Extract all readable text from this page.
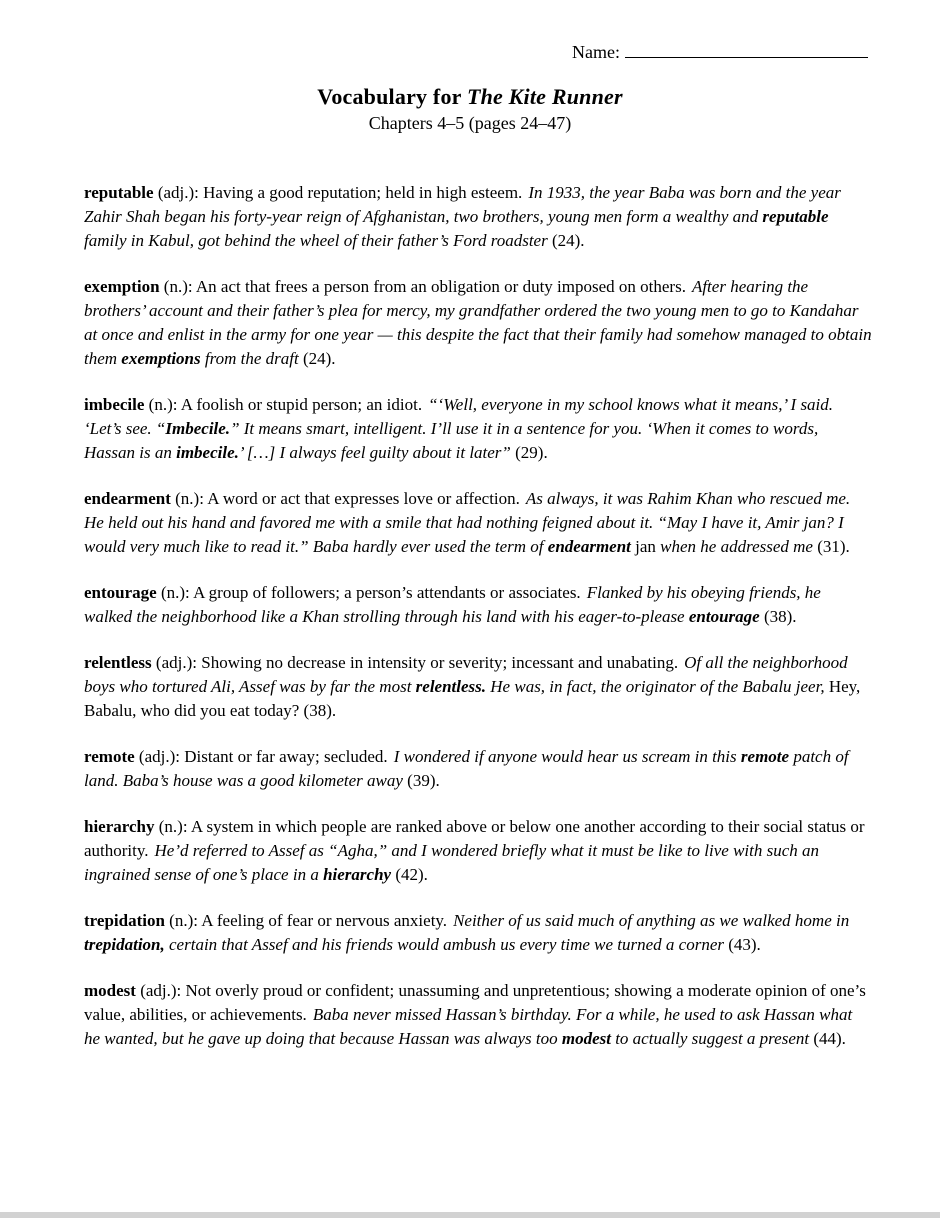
Name:
Vocabulary for The Kite Runner
Chapters 4–5 (pages 24–47)

reputable (adj.): Having a good reputation; held in high esteem. In 1933, the year Baba was born and the year Zahir Shah began his forty-year reign of Afghanistan, two brothers, young men form a wealthy and reputable family in Kabul, got behind the wheel of their father’s Ford roadster (24).

exemption (n.): An act that frees a person from an obligation or duty imposed on others. After hearing the brothers’ account and their father’s plea for mercy, my grandfather ordered the two young men to go to Kandahar at once and enlist in the army for one year — this despite the fact that their family had somehow managed to obtain them exemptions from the draft (24).

imbecile (n.): A foolish or stupid person; an idiot. “‘Well, everyone in my school knows what it means,’ I said. ‘Let’s see. “Imbecile.” It means smart, intelligent. I’ll use it in a sentence for you. ‘When it comes to words, Hassan is an imbecile.’ […] I always feel guilty about it later” (29).

endearment (n.): A word or act that expresses love or affection. As always, it was Rahim Khan who rescued me. He held out his hand and favored me with a smile that had nothing feigned about it. “May I have it, Amir jan? I would very much like to read it.” Baba hardly ever used the term of endearment jan when he addressed me (31).

entourage (n.): A group of followers; a person’s attendants or associates. Flanked by his obeying friends, he walked the neighborhood like a Khan strolling through his land with his eager-to-please entourage (38).

relentless (adj.): Showing no decrease in intensity or severity; incessant and unabating. Of all the neighborhood boys who tortured Ali, Assef was by far the most relentless. He was, in fact, the originator of the Babalu jeer, Hey, Babalu, who did you eat today? (38).

remote (adj.): Distant or far away; secluded. I wondered if anyone would hear us scream in this remote patch of land. Baba’s house was a good kilometer away (39).

hierarchy (n.): A system in which people are ranked above or below one another according to their social status or authority. He’d referred to Assef as “Agha,” and I wondered briefly what it must be like to live with such an ingrained sense of one’s place in a hierarchy (42).

trepidation (n.): A feeling of fear or nervous anxiety. Neither of us said much of anything as we walked home in trepidation, certain that Assef and his friends would ambush us every time we turned a corner (43).

modest (adj.): Not overly proud or confident; unassuming and unpretentious; showing a moderate opinion of one’s value, abilities, or achievements. Baba never missed Hassan’s birthday. For a while, he used to ask Hassan what he wanted, but he gave up doing that because Hassan was always too modest to actually suggest a present (44).
